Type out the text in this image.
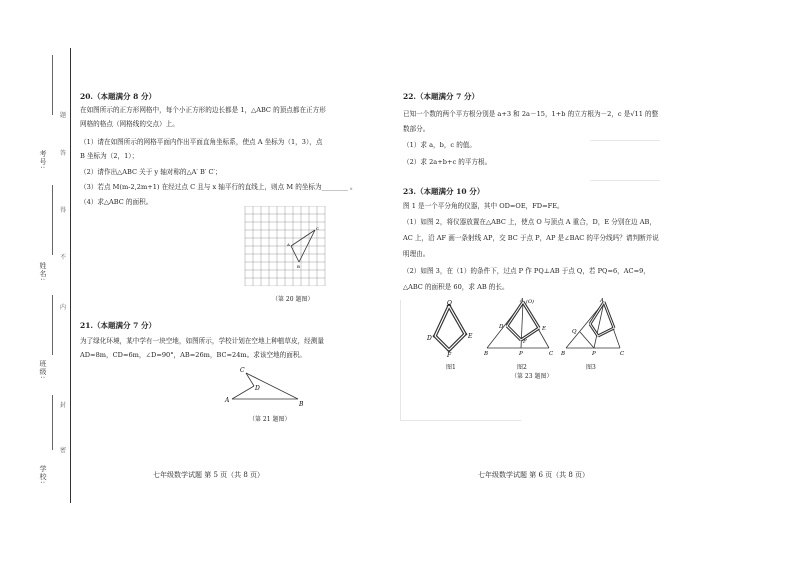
考号:
姓名:
班级:
学校:
题
答
得
不
内
封
密
20.（本题满分 8 分）
在如图所示的正方形网格中，每个小正方形的边长都是 1，△ABC 的顶点都在正方形
网格的格点（网格线的交点）上。
（1）请在如图所示的网格平面内作出平面直角坐标系，使点 A 坐标为（1，3），点
B 坐标为（2，1）；
（2）请作出△ABC 关于 y 轴对称的△A′ B′ C′；
（3）若点 M(m-2,2m+1) 在经过点 C 且与 x 轴平行的直线上，则点 M 的坐标为________ 。
（4）求△ABC 的面积。
A
B
C
（第 20 题图）
21.（本题满分 7 分）
为了绿化环境，某中学有一块空地，如图所示，学校计划在空地上种植草皮，经测量
AD=8m，CD=6m，∠D=90°，AB=26m，BC=24m。求该空地的面积。
A
B
C
D
（第 21 题图）
七年级数学试题 第 5 页（共 8 页）
22.（本题满分 7 分）
已知一个数的两个平方根分别是 a+3 和 2a－15，1+b 的立方根为－2，c 是√11 的整
数部分。
（1）求 a，b，c 的值。
（2）求 2a+b+c 的平方根。
23.（本题满分 10 分）
图 1 是一个平分角的仪器，其中 OD=OE，FD=FE。
（1）如图 2，将仪器放置在△ABC 上，使点 O 与顶点 A 重合，D，E 分别在边 AB，
AC 上，沿 AF 画一条射线 AP，交 BC 于点 P，AP 是∠BAC 的平分线吗？请判断并说
明理由。
（2）如图 3，在（1）的条件下，过点 P 作 PQ⊥AB 于点 Q，若 PQ=6，AC=9，
△ABC 的面积是 60，求 AB 的长。
O
D	E
F
图1
A (O)
D	E
F
B	P	C
图2
A
Q
B	P	C
图3
（第 23 题图）
七年级数学试题 第 6 页（共 8 页）
